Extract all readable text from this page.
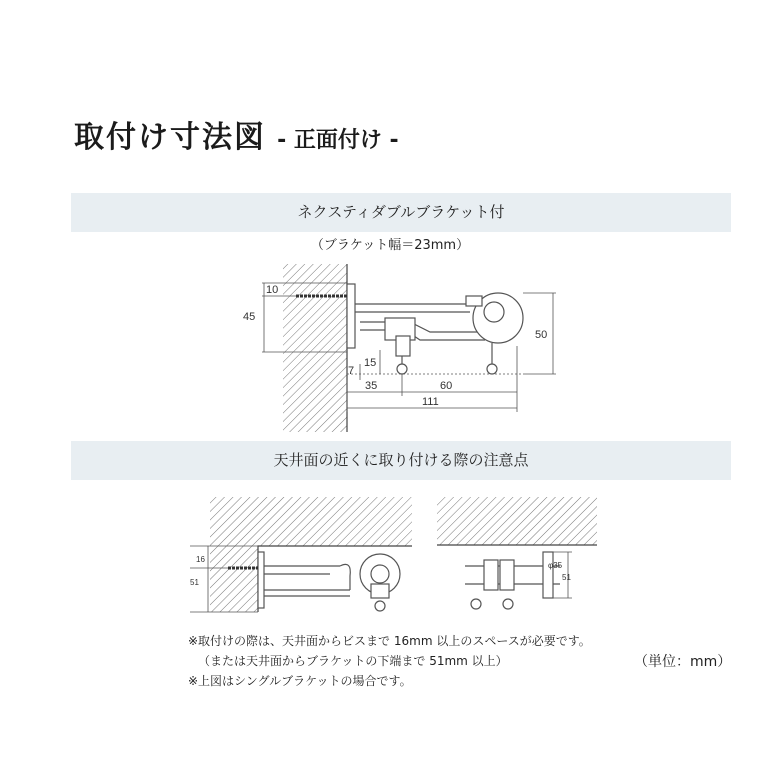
取付け寸法図 - 正面付け -
ネクスティダブルブラケット付
（ブラケット幅＝23mm）
天井面の近くに取り付ける際の注意点
10
45
50
15
7
35	60
111
16
51
φ35
51
※取付けの際は、天井面からビスまで 16mm 以上のスペースが必要です。
（または天井面からブラケットの下端まで 51mm 以上）
※上図はシングルブラケットの場合です。
（単位：mm）
